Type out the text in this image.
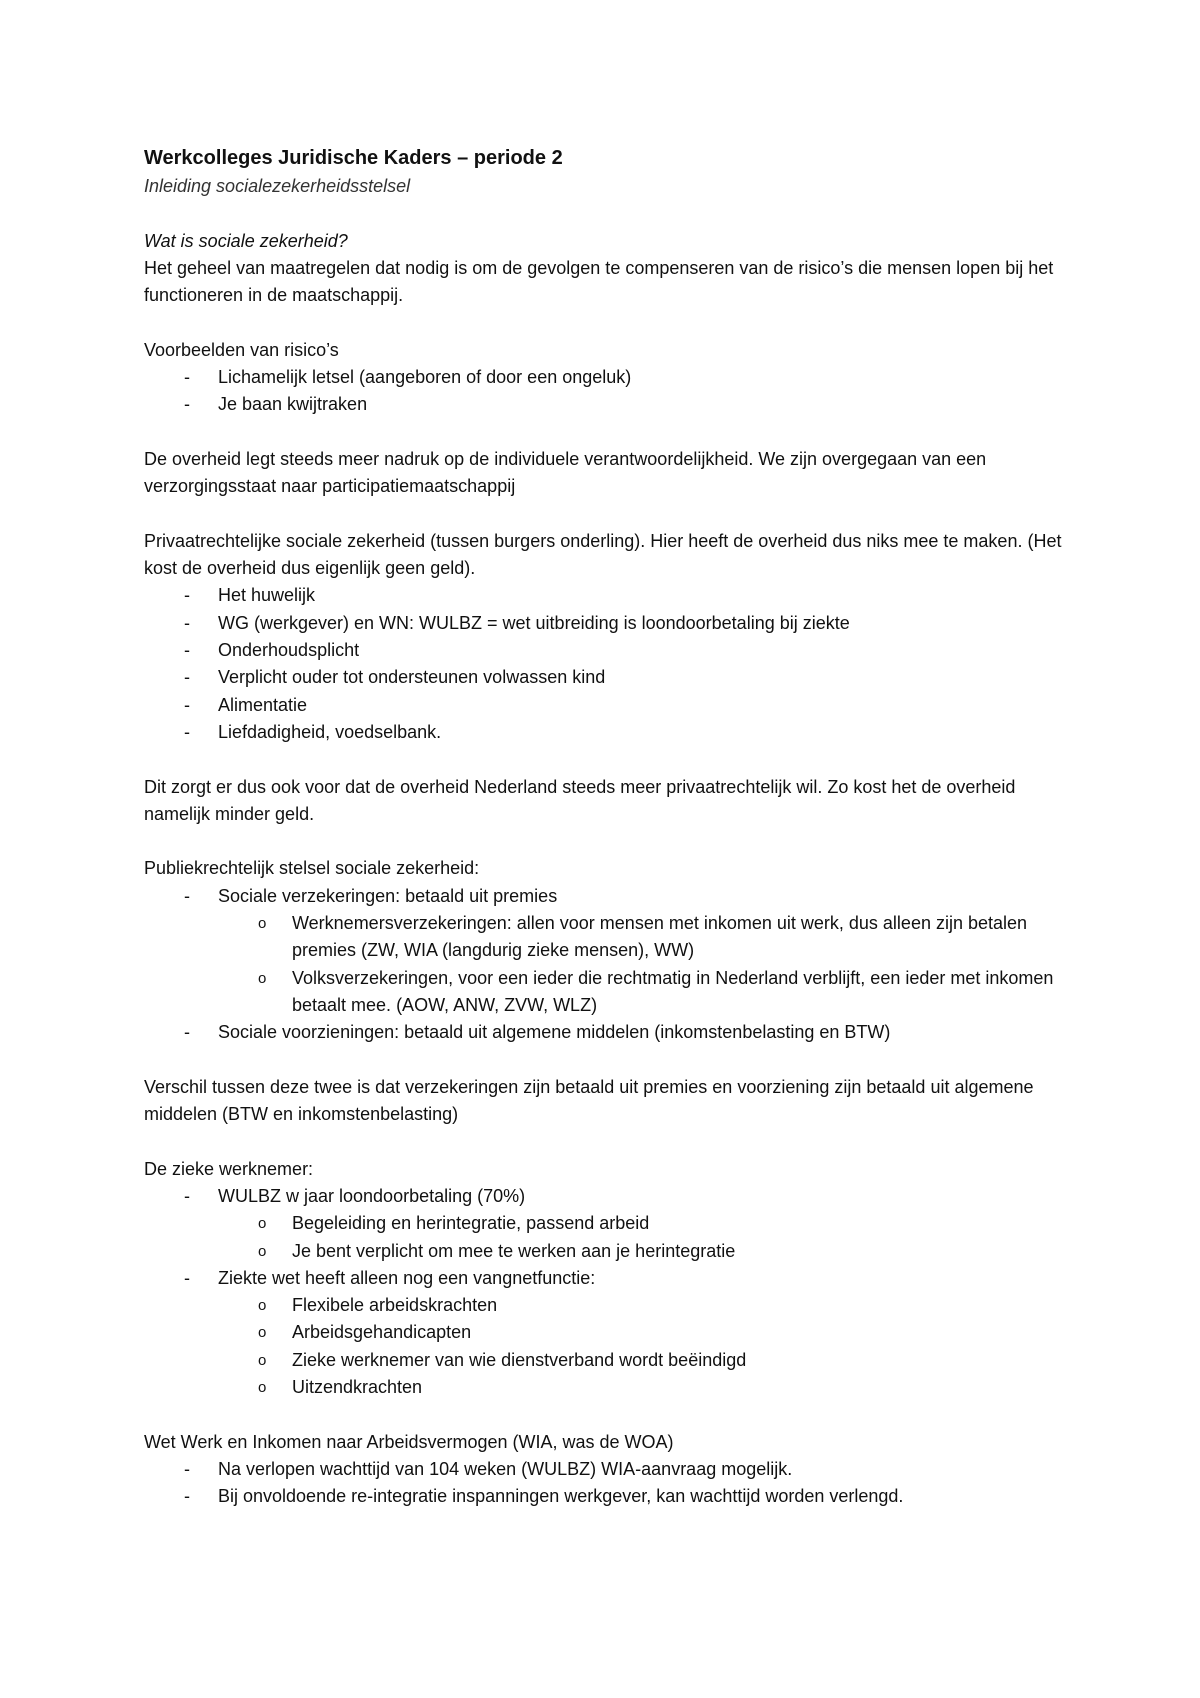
Werkcolleges Juridische Kaders – periode 2

Inleiding socialezekerheidsstelsel

Wat is sociale zekerheid?

Het geheel van maatregelen dat nodig is om de gevolgen te compenseren van de risico’s die mensen lopen bij het functioneren in de maatschappij.

Voorbeelden van risico’s

- Lichamelijk letsel (aangeboren of door een ongeluk)
- Je baan kwijtraken

De overheid legt steeds meer nadruk op de individuele verantwoordelijkheid. We zijn overgegaan van een verzorgingsstaat naar participatiemaatschappij

Privaatrechtelijke sociale zekerheid (tussen burgers onderling). Hier heeft de overheid dus niks mee te maken. (Het kost de overheid dus eigenlijk geen geld).

- Het huwelijk
- WG (werkgever) en WN: WULBZ = wet uitbreiding is loondoorbetaling bij ziekte
- Onderhoudsplicht
- Verplicht ouder tot ondersteunen volwassen kind
- Alimentatie
- Liefdadigheid, voedselbank.

Dit zorgt er dus ook voor dat de overheid Nederland steeds meer privaatrechtelijk wil. Zo kost het de overheid namelijk minder geld.

Publiekrechtelijk stelsel sociale zekerheid:

- Sociale verzekeringen: betaald uit premies
o Werknemersverzekeringen: allen voor mensen met inkomen uit werk, dus alleen zijn betalen premies (ZW, WIA (langdurig zieke mensen), WW)
o Volksverzekeringen, voor een ieder die rechtmatig in Nederland verblijft, een ieder met inkomen betaalt mee. (AOW, ANW, ZVW, WLZ)
- Sociale voorzieningen: betaald uit algemene middelen (inkomstenbelasting en BTW)

Verschil tussen deze twee is dat verzekeringen zijn betaald uit premies en voorziening zijn betaald uit algemene middelen (BTW en inkomstenbelasting)

De zieke werknemer:

- WULBZ w jaar loondoorbetaling (70%)
o Begeleiding en herintegratie, passend arbeid
o Je bent verplicht om mee te werken aan je herintegratie
- Ziekte wet heeft alleen nog een vangnetfunctie:
o Flexibele arbeidskrachten
o Arbeidsgehandicapten
o Zieke werknemer van wie dienstverband wordt beëindigd
o Uitzendkrachten

Wet Werk en Inkomen naar Arbeidsvermogen (WIA, was de WOA)

- Na verlopen wachttijd van 104 weken (WULBZ) WIA-aanvraag mogelijk.
- Bij onvoldoende re-integratie inspanningen werkgever, kan wachttijd worden verlengd.
